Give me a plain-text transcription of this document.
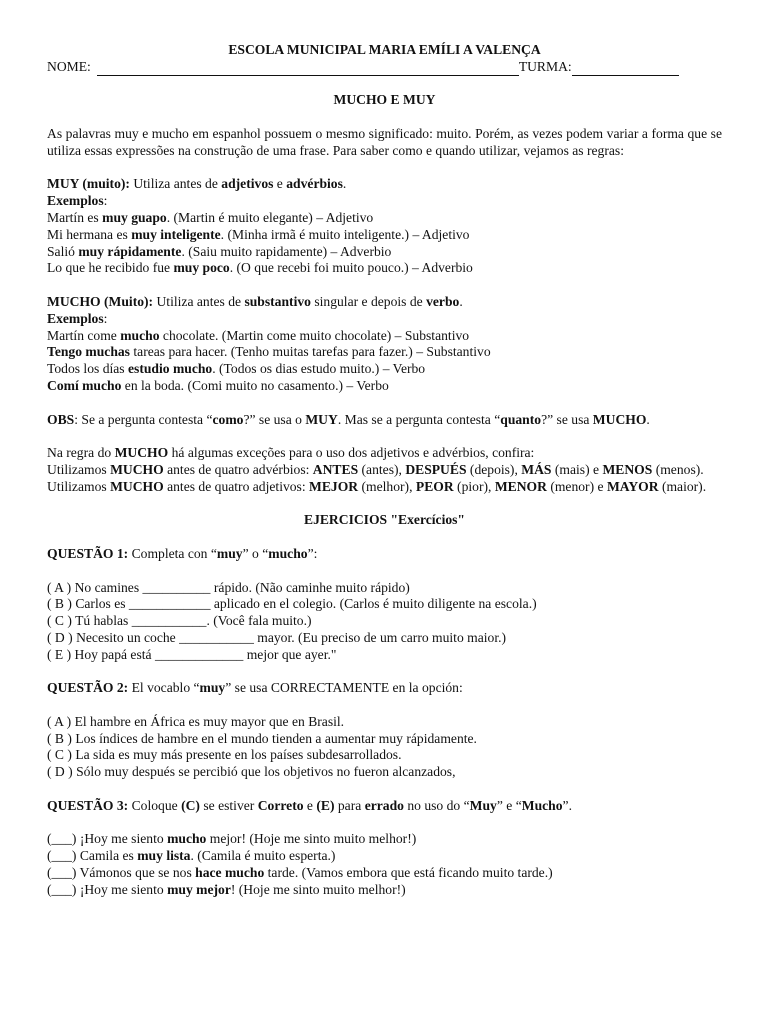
ESCOLA MUNICIPAL MARIA EMÍLI A VALENÇA

NOME:	TURMA:

MUCHO E MUY

As palavras muy e mucho em espanhol possuem o mesmo significado: muito. Porém, as vezes podem variar a forma que se utiliza essas expressões na construção de uma frase. Para saber como e quando utilizar, vejamos as regras:

MUY (muito): Utiliza antes de adjetivos e advérbios.

Exemplos:

Martín es muy guapo. (Martin é muito elegante) – Adjetivo

Mi hermana es muy inteligente. (Minha irmã é muito inteligente.) – Adjetivo

Salió muy rápidamente. (Saiu muito rapidamente) – Adverbio

Lo que he recibido fue muy poco. (O que recebi foi muito pouco.) – Adverbio

MUCHO (Muito): Utiliza antes de substantivo singular e depois de verbo.

Exemplos:

Martín come mucho chocolate. (Martin come muito chocolate) – Substantivo

Tengo muchas tareas para hacer. (Tenho muitas tarefas para fazer.) – Substantivo

Todos los días estudio mucho. (Todos os dias estudo muito.) – Verbo

Comí mucho en la boda. (Comi muito no casamento.) – Verbo

OBS: Se a pergunta contesta “como?” se usa o MUY. Mas se a pergunta contesta “quanto?” se usa MUCHO.

Na regra do MUCHO há algumas exceções para o uso dos adjetivos e advérbios, confira:

Utilizamos MUCHO antes de quatro advérbios: ANTES (antes), DESPUÉS (depois), MÁS (mais) e MENOS (menos).

Utilizamos MUCHO antes de quatro adjetivos: MEJOR (melhor), PEOR (pior), MENOR (menor) e MAYOR (maior).

EJERCICIOS "Exercícios"

QUESTÃO 1: Completa con “muy” o “mucho”:

( A ) No camines __________ rápido. (Não caminhe muito rápido)

( B ) Carlos es ____________ aplicado en el colegio. (Carlos é muito diligente na escola.)

( C ) Tú hablas ___________. (Você fala muito.)

( D ) Necesito un coche ___________ mayor. (Eu preciso de um carro muito maior.)

( E ) Hoy papá está _____________ mejor que ayer."

QUESTÃO 2: El vocablo “muy” se usa CORRECTAMENTE en la opción:

( A ) El hambre en África es muy mayor que en Brasil.

( B ) Los índices de hambre en el mundo tienden a aumentar muy rápidamente.

( C ) La sida es muy más presente en los países subdesarrollados.

( D ) Sólo muy después se percibió que los objetivos no fueron alcanzados,

QUESTÃO 3: Coloque (C) se estiver Correto e (E) para errado no uso do “Muy” e “Mucho”.

(___) ¡Hoy me siento mucho mejor! (Hoje me sinto muito melhor!)

(___) Camila es muy lista. (Camila é muito esperta.)

(___) Vámonos que se nos hace mucho tarde. (Vamos embora que está ficando muito tarde.)

(___) ¡Hoy me siento muy mejor! (Hoje me sinto muito melhor!)
